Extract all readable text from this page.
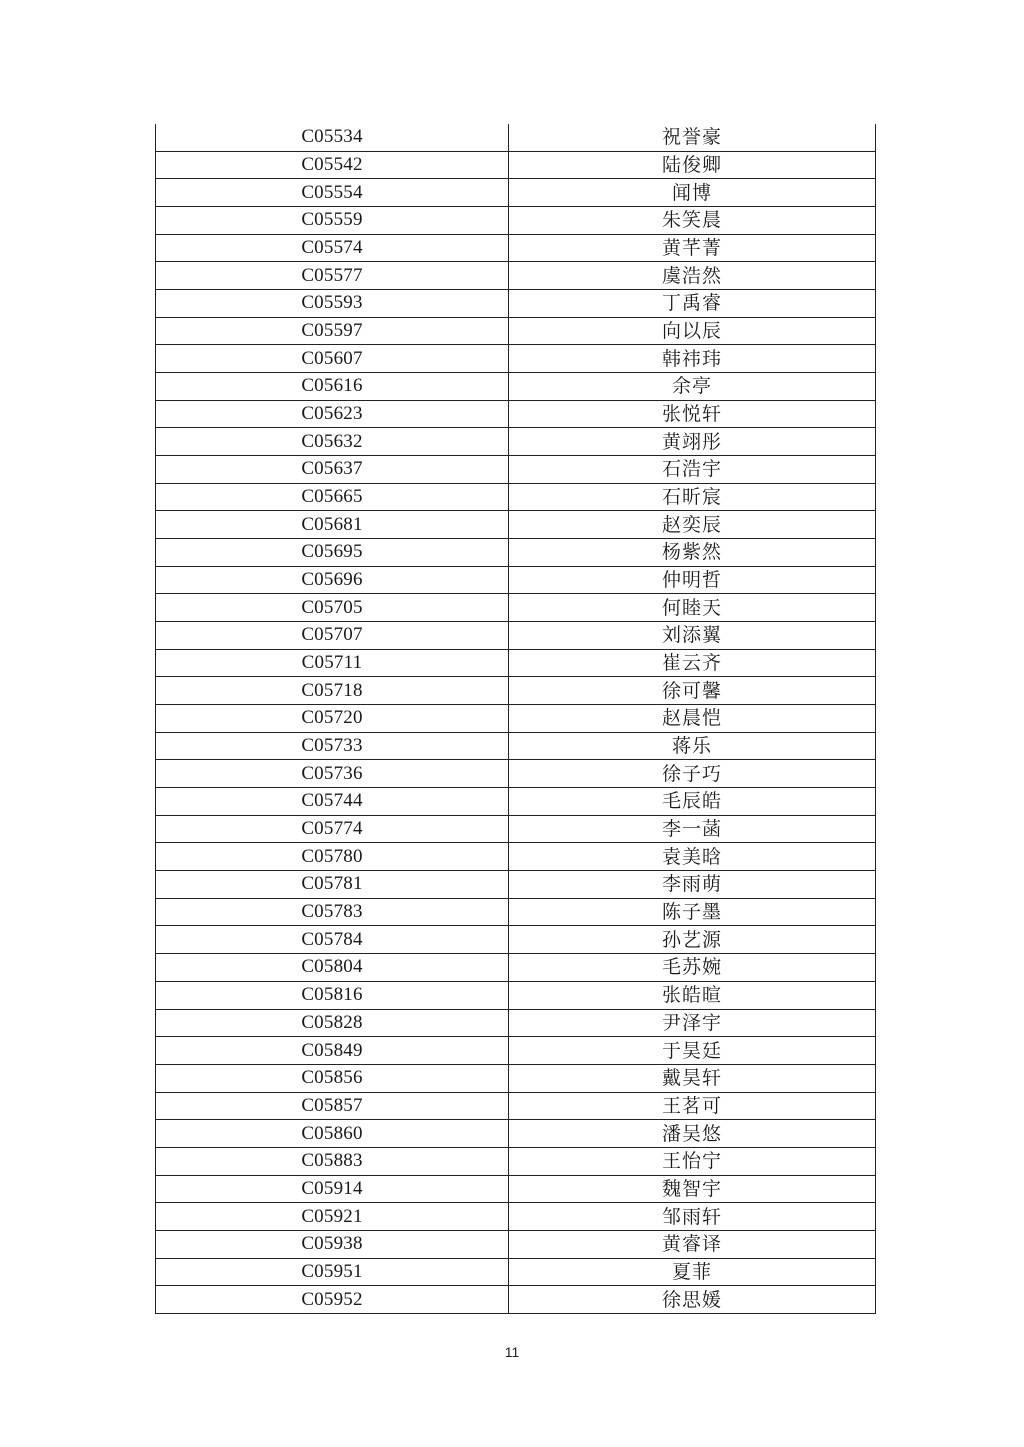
C05534	祝誉豪
C05542	陆俊卿
C05554	闻博
C05559	朱笑晨
C05574	黄芊菁
C05577	虞浩然
C05593	丁禹睿
C05597	向以辰
C05607	韩祎玮
C05616	余亭
C05623	张悦轩
C05632	黄翊彤
C05637	石浩宇
C05665	石昕宸
C05681	赵奕辰
C05695	杨紫然
C05696	仲明哲
C05705	何睦天
C05707	刘添翼
C05711	崔云齐
C05718	徐可馨
C05720	赵晨恺
C05733	蒋乐
C05736	徐子巧
C05744	毛辰皓
C05774	李一菡
C05780	袁美晗
C05781	李雨萌
C05783	陈子墨
C05784	孙艺源
C05804	毛苏婉
C05816	张皓暄
C05828	尹泽宇
C05849	于昊廷
C05856	戴昊轩
C05857	王茗可
C05860	潘吴悠
C05883	王怡宁
C05914	魏智宇
C05921	邹雨轩
C05938	黄睿译
C05951	夏菲
C05952	徐思媛
11
